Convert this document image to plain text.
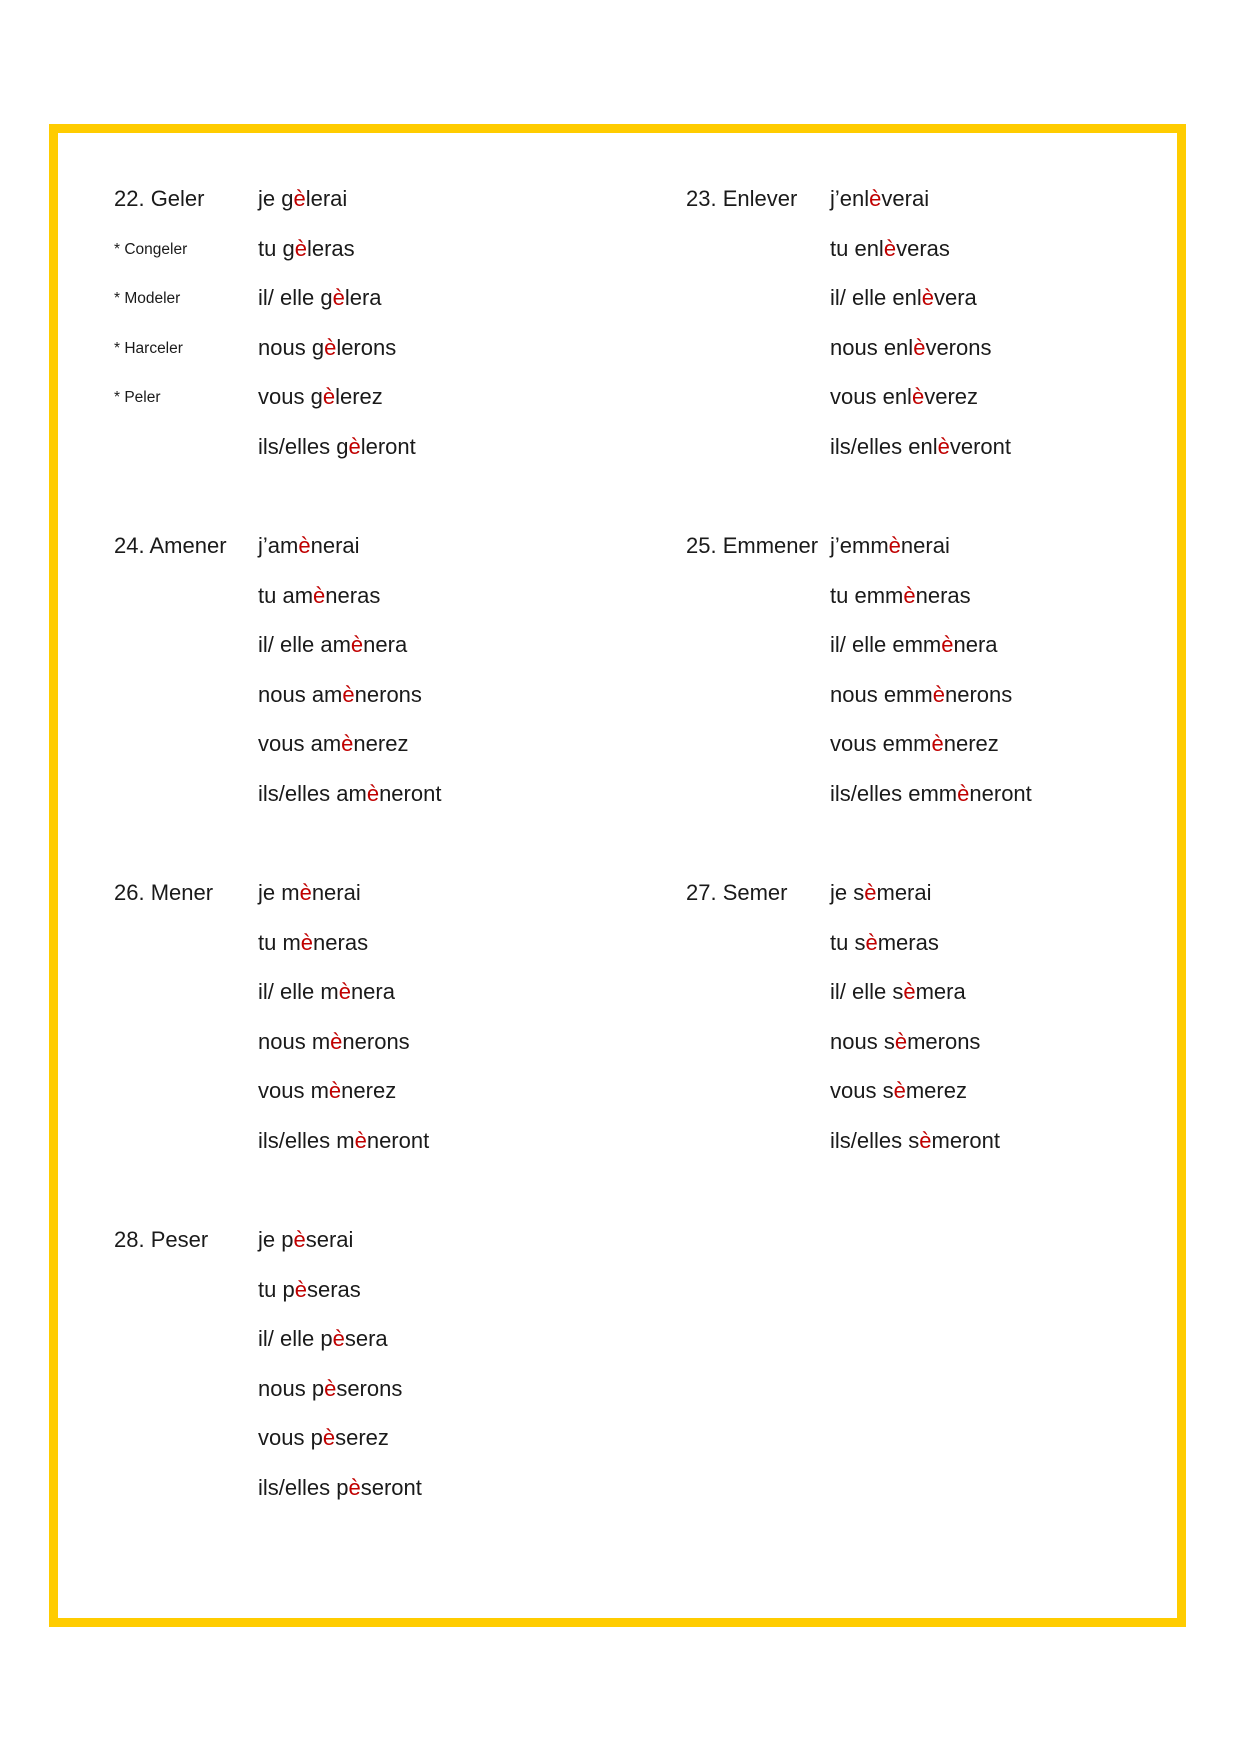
22. Geler
* Congeler
* Modeler
* Harceler
* Peler
je gèlerai
tu gèleras
il/ elle gèlera
nous gèlerons
vous gèlerez
ils/elles gèleront
23. Enlever j’enlèverai
tu enlèveras
il/ elle enlèvera
nous enlèverons
vous enlèverez
ils/elles enlèveront
24. Amener j’amènerai
tu amèneras
il/ elle amènera
nous amènerons
vous amènerez
ils/elles amèneront
25. Emmener j’emmènerai
tu emmèneras
il/ elle emmènera
nous emmènerons
vous emmènerez
ils/elles emmèneront
26. Mener je mènerai
tu mèneras
il/ elle mènera
nous mènerons
vous mènerez
ils/elles mèneront
27. Semer je sèmerai
tu sèmeras
il/ elle sèmera
nous sèmerons
vous sèmerez
ils/elles sèmeront
28. Peser je pèserai
tu pèseras
il/ elle pèsera
nous pèserons
vous pèserez
ils/elles pèseront
